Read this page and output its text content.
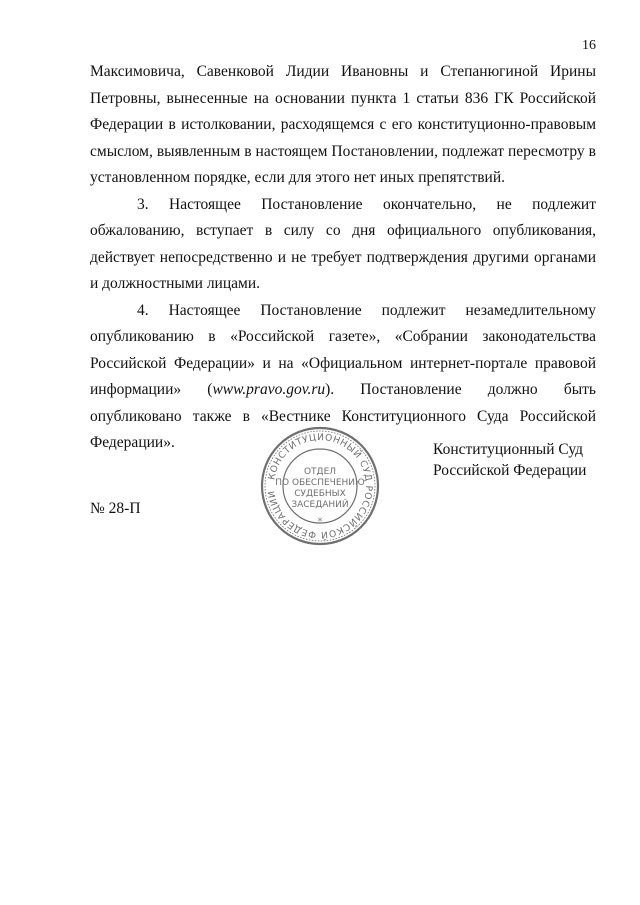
16

Максимовича, Савенковой Лидии Ивановны и Степанюгиной Ирины Петровны, вынесенные на основании пункта 1 статьи 836 ГК Российской Федерации в истолковании, расходящемся с его конституционно-правовым смыслом, выявленным в настоящем Постановлении, подлежат пересмотру в установленном порядке, если для этого нет иных препятствий.

3. Настоящее Постановление окончательно, не подлежит обжалованию, вступает в силу со дня официального опубликования, действует непосредственно и не требует подтверждения другими органами и должностными лицами.

4. Настоящее Постановление подлежит незамедлительному опубликованию в «Российской газете», «Собрании законодательства Российской Федерации» и на «Официальном интернет-портале правовой информации» (www.pravo.gov.ru). Постановление должно быть опубликовано также в «Вестнике Конституционного Суда Российской Федерации».

КОНСТИТУЦИОННЫЙ СУД РОССИЙСКОЙ ФЕДЕРАЦИИ
ОТДЕЛ
ПО ОБЕСПЕЧЕНИЮ
СУДЕБНЫХ
ЗАСЕДАНИЙ
*
Конституционный Суд
Российской Федерации
№ 28-П
